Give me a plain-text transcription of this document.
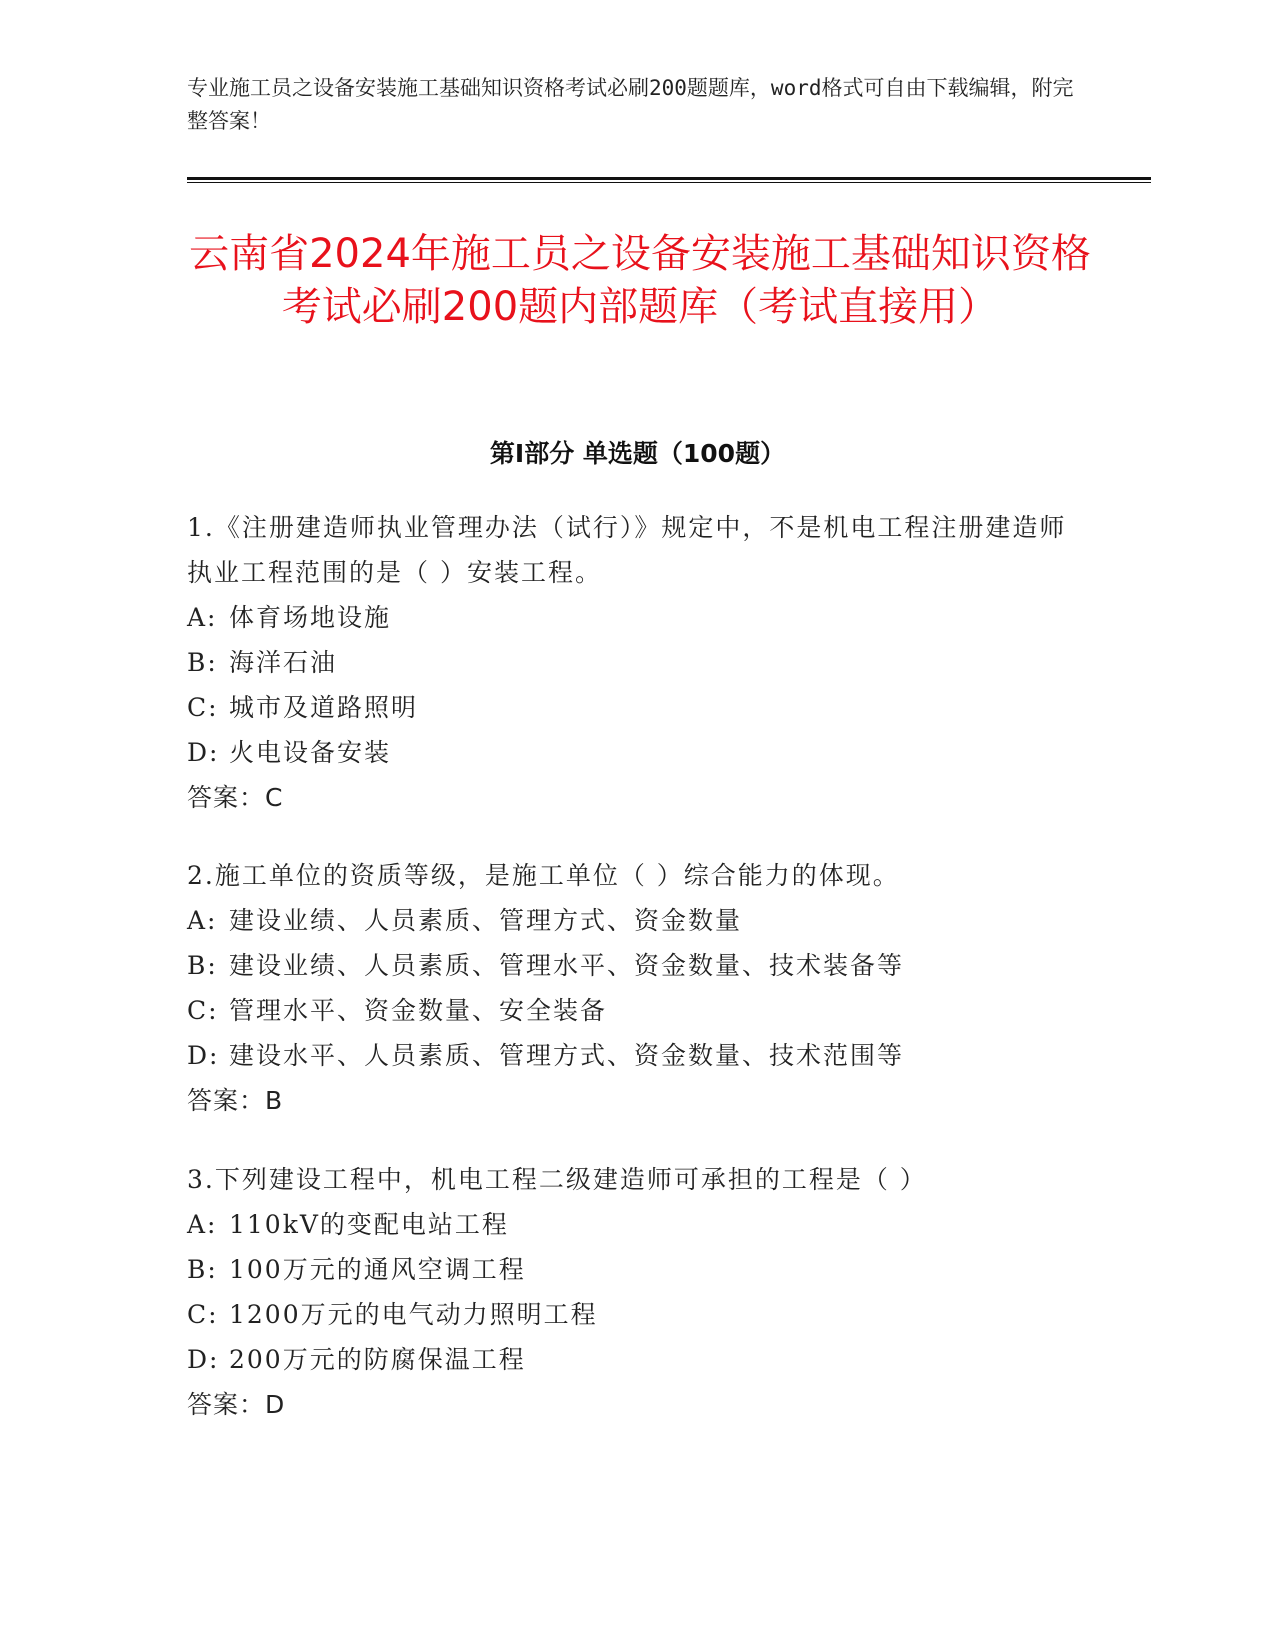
专业施工员之设备安装施工基础知识资格考试必刷200题题库，word格式可自由下载编辑，附完整答案！
云南省2024年施工员之设备安装施工基础知识资格考试必刷200题内部题库（考试直接用）
第I部分 单选题（100题）
1.《注册建造师执业管理办法（试行）》规定中，不是机电工程注册建造师执业工程范围的是（ ）安装工程。
A: 体育场地设施
B: 海洋石油
C: 城市及道路照明
D: 火电设备安装
答案：C
2.施工单位的资质等级，是施工单位（ ）综合能力的体现。
A: 建设业绩、人员素质、管理方式、资金数量
B: 建设业绩、人员素质、管理水平、资金数量、技术装备等
C: 管理水平、资金数量、安全装备
D: 建设水平、人员素质、管理方式、资金数量、技术范围等
答案：B
3.下列建设工程中，机电工程二级建造师可承担的工程是（ ）
A: 110kV的变配电站工程
B: 100万元的通风空调工程
C: 1200万元的电气动力照明工程
D: 200万元的防腐保温工程
答案：D
